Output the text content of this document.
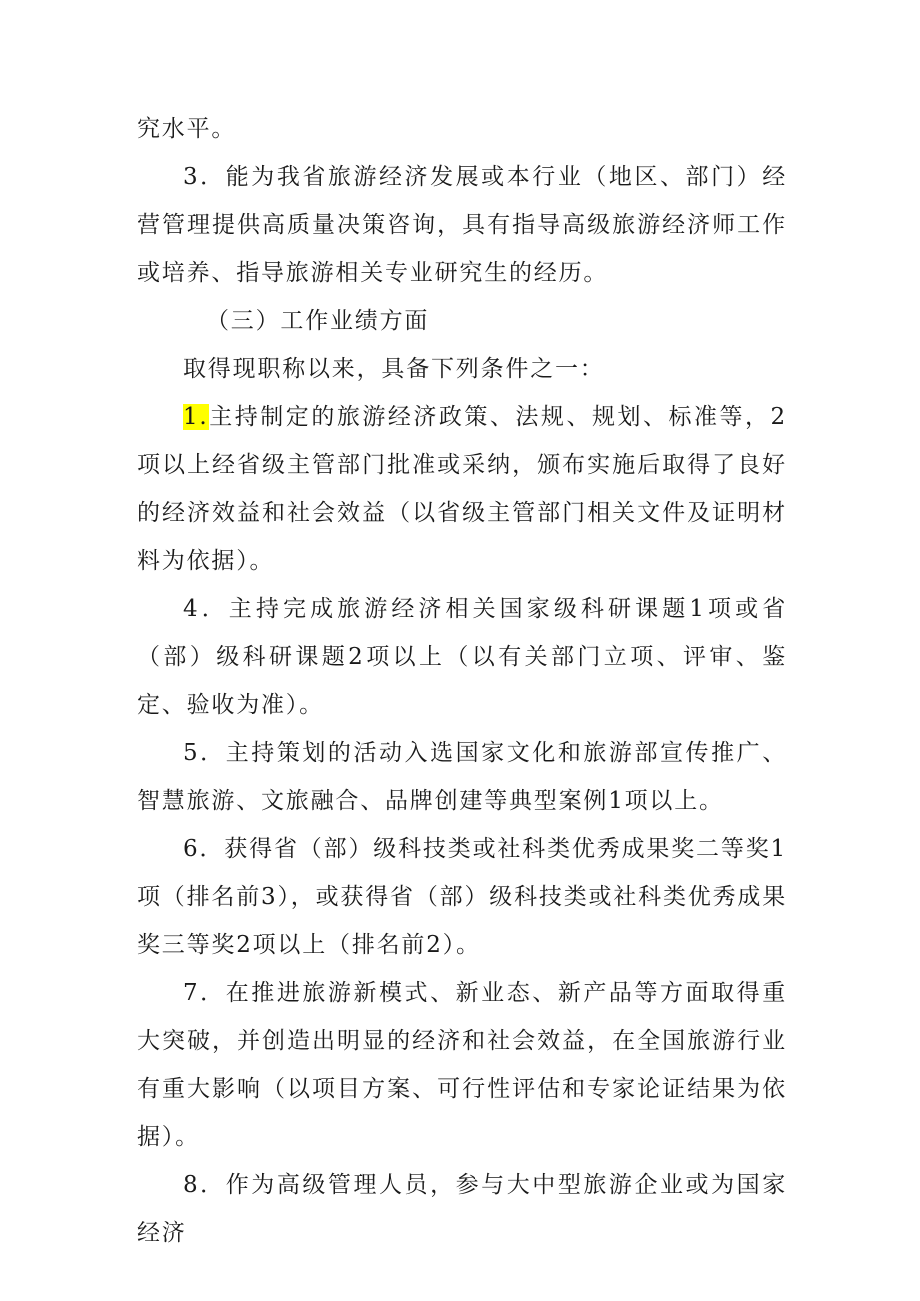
究水平。

3．能为我省旅游经济发展或本行业（地区、部门）经营管理提供高质量决策咨询，具有指导高级旅游经济师工作或培养、指导旅游相关专业研究生的经历。

（三）工作业绩方面

取得现职称以来，具备下列条件之一：

1.主持制定的旅游经济政策、法规、规划、标准等，2项以上经省级主管部门批准或采纳，颁布实施后取得了良好的经济效益和社会效益（以省级主管部门相关文件及证明材料为依据）。

4．主持完成旅游经济相关国家级科研课题1项或省（部）级科研课题2项以上（以有关部门立项、评审、鉴定、验收为准）。

5．主持策划的活动入选国家文化和旅游部宣传推广、智慧旅游、文旅融合、品牌创建等典型案例1项以上。

6．获得省（部）级科技类或社科类优秀成果奖二等奖1项（排名前3），或获得省（部）级科技类或社科类优秀成果奖三等奖2项以上（排名前2）。

7．在推进旅游新模式、新业态、新产品等方面取得重大突破，并创造出明显的经济和社会效益，在全国旅游行业有重大影响（以项目方案、可行性评估和专家论证结果为依据）。

8．作为高级管理人员，参与大中型旅游企业或为国家经济
